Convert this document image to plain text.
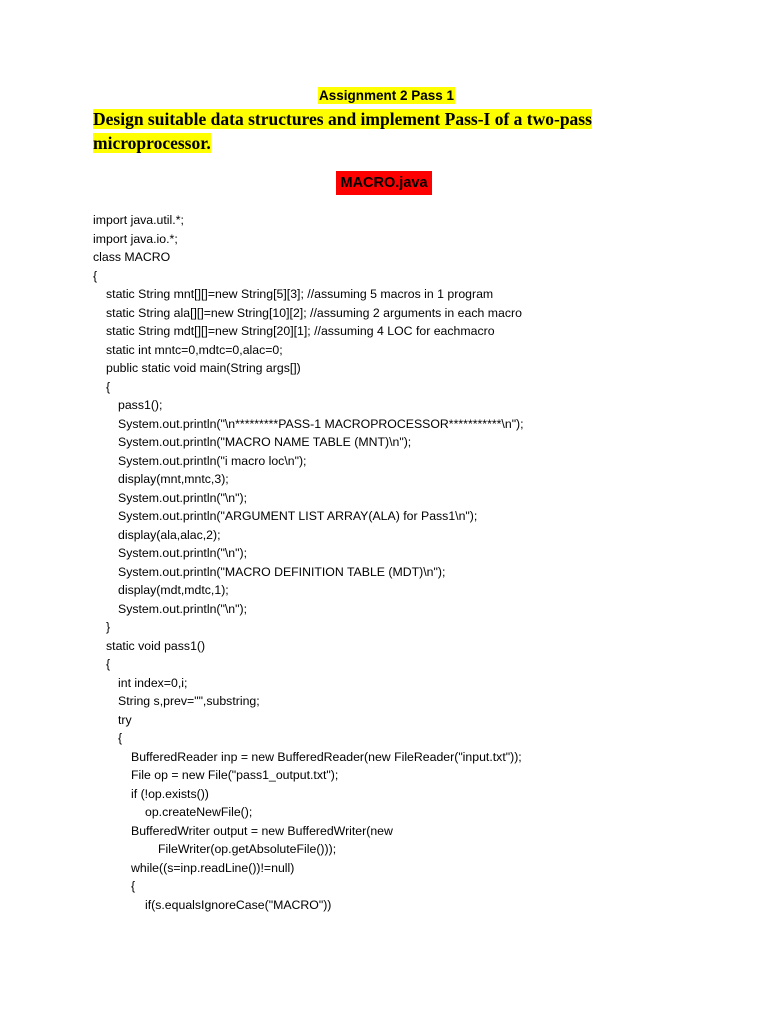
Assignment 2 Pass 1
Design suitable data structures and implement Pass-I of a two-pass microprocessor.
MACRO.java
import java.util.*;
import java.io.*;
class MACRO
{
static String mnt[][]=new String[5][3]; //assuming 5 macros in 1 program
static String ala[][]=new String[10][2]; //assuming 2 arguments in each macro
static String mdt[][]=new String[20][1]; //assuming 4 LOC for eachmacro
static int mntc=0,mdtc=0,alac=0;
public static void main(String args[])
{
pass1();
System.out.println("\n*********PASS-1 MACROPROCESSOR***********\n");
System.out.println("MACRO NAME TABLE (MNT)\n");
System.out.println("i macro loc\n");
display(mnt,mntc,3);
System.out.println("\n");
System.out.println("ARGUMENT LIST ARRAY(ALA) for Pass1\n");
display(ala,alac,2);
System.out.println("\n");
System.out.println("MACRO DEFINITION TABLE (MDT)\n");
display(mdt,mdtc,1);
System.out.println("\n");
}
static void pass1()
{
int index=0,i;
String s,prev="",substring;
try
{
BufferedReader inp = new BufferedReader(new FileReader("input.txt"));
File op = new File("pass1_output.txt");
if (!op.exists())
op.createNewFile();
BufferedWriter output = new BufferedWriter(new
FileWriter(op.getAbsoluteFile()));
while((s=inp.readLine())!=null)
{
if(s.equalsIgnoreCase("MACRO"))
